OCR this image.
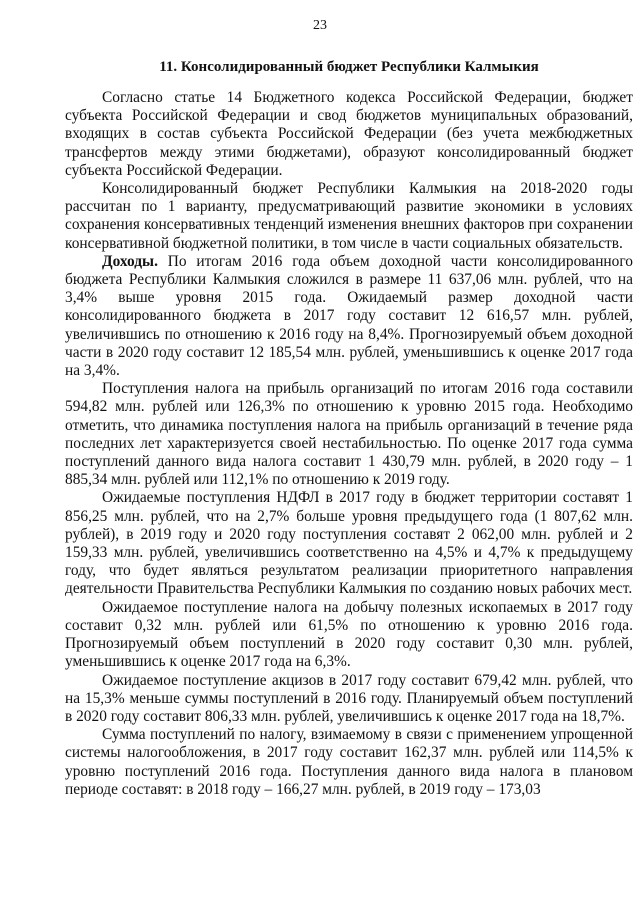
23
11. Консолидированный бюджет Республики Калмыкия

Согласно статье 14 Бюджетного кодекса Российской Федерации, бюджет субъекта Российской Федерации и свод бюджетов муниципальных образований, входящих в состав субъекта Российской Федерации (без учета межбюджетных трансфертов между этими бюджетами), образуют консолидированный бюджет субъекта Российской Федерации.

Консолидированный бюджет Республики Калмыкия на 2018-2020 годы рассчитан по 1 варианту, предусматривающий развитие экономики в условиях сохранения консервативных тенденций изменения внешних факторов при сохранении консервативной бюджетной политики, в том числе в части социальных обязательств.

Доходы. По итогам 2016 года объем доходной части консолидированного бюджета Республики Калмыкия сложился в размере 11 637,06 млн. рублей, что на 3,4% выше уровня 2015 года. Ожидаемый размер доходной части консолидированного бюджета в 2017 году составит 12 616,57 млн. рублей, увеличившись по отношению к 2016 году на 8,4%. Прогнозируемый объем доходной части в 2020 году составит 12 185,54 млн. рублей, уменьшившись к оценке 2017 года на 3,4%.

Поступления налога на прибыль организаций по итогам 2016 года составили 594,82 млн. рублей или 126,3% по отношению к уровню 2015 года. Необходимо отметить, что динамика поступления налога на прибыль организаций в течение ряда последних лет характеризуется своей нестабильностью. По оценке 2017 года сумма поступлений данного вида налога составит 1 430,79 млн. рублей, в 2020 году – 1 885,34 млн. рублей или 112,1% по отношению к 2019 году.

Ожидаемые поступления НДФЛ в 2017 году в бюджет территории составят 1 856,25 млн. рублей, что на 2,7% больше уровня предыдущего года (1 807,62 млн. рублей), в 2019 году и 2020 году поступления составят 2 062,00 млн. рублей и 2 159,33 млн. рублей, увеличившись соответственно на 4,5% и 4,7% к предыдущему году, что будет являться результатом реализации приоритетного направления деятельности Правительства Республики Калмыкия по созданию новых рабочих мест.

Ожидаемое поступление налога на добычу полезных ископаемых в 2017 году составит 0,32 млн. рублей или 61,5% по отношению к уровню 2016 года. Прогнозируемый объем поступлений в 2020 году составит 0,30 млн. рублей, уменьшившись к оценке 2017 года на 6,3%.

Ожидаемое поступление акцизов в 2017 году составит 679,42 млн. рублей, что на 15,3% меньше суммы поступлений в 2016 году. Планируемый объем поступлений в 2020 году составит 806,33 млн. рублей, увеличившись к оценке 2017 года на 18,7%.

Сумма поступлений по налогу, взимаемому в связи с применением упрощенной системы налогообложения, в 2017 году составит 162,37 млн. рублей или 114,5% к уровню поступлений 2016 года. Поступления данного вида налога в плановом периоде составят: в 2018 году – 166,27 млн. рублей, в 2019 году – 173,03
